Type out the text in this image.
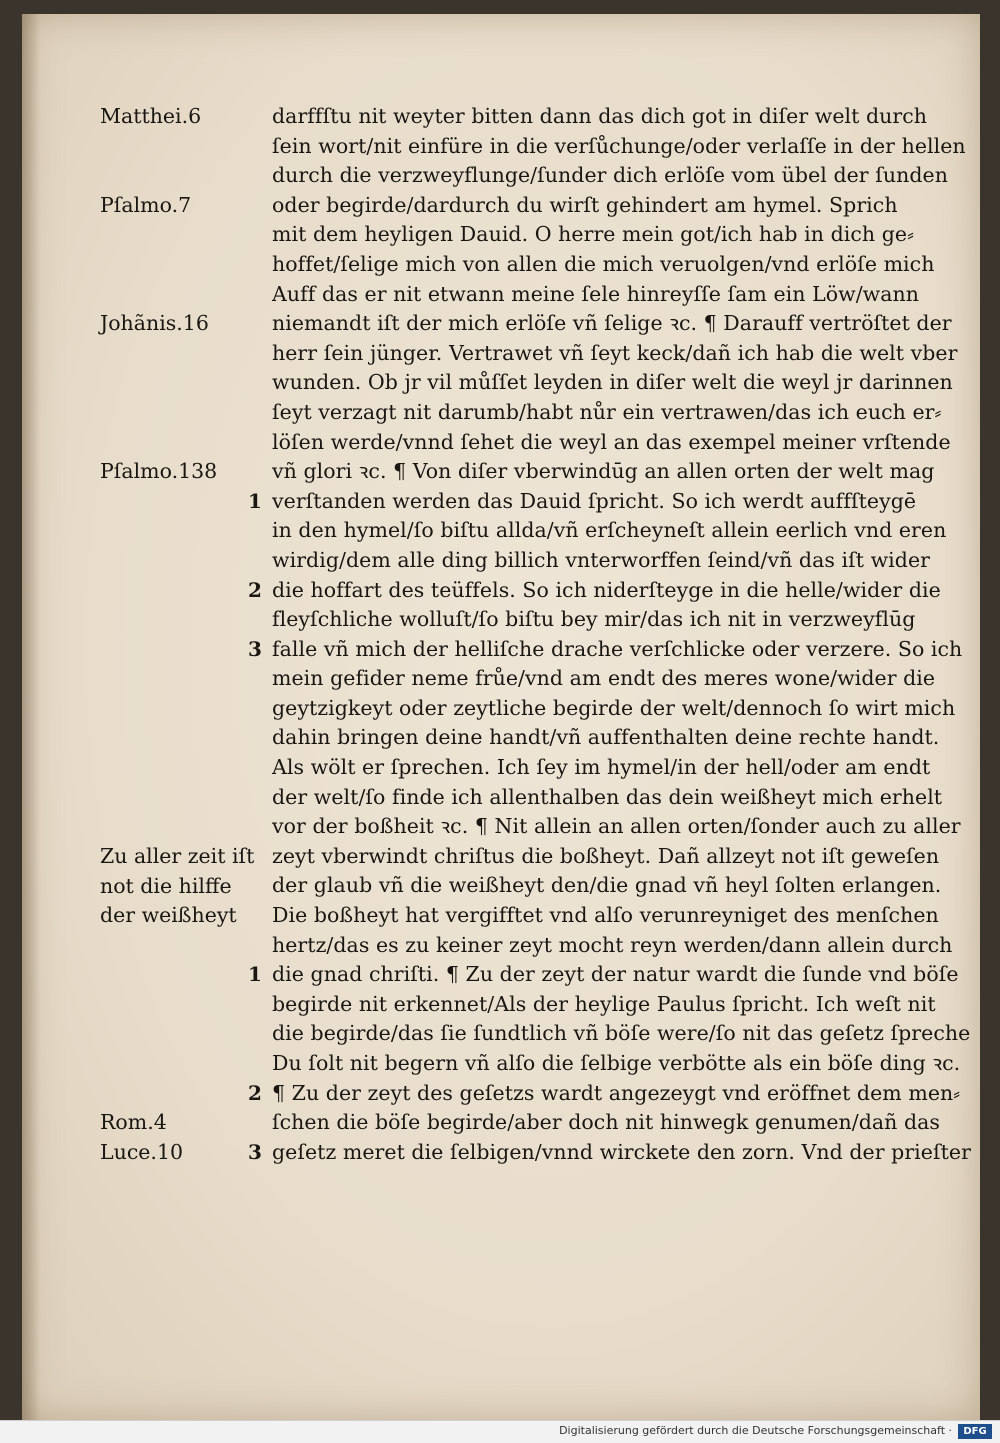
darffſtu nit weyter bitten dann das dich got in diſer welt durch
ſein wort/nit einfüre in die verſůchunge/oder verlaſſe in der hellen
durch die verzweyflunge/ſunder dich erlöſe vom übel der ſunden
oder begirde/dardurch du wirſt gehindert am hymel. Sprich
mit dem heyligen Dauid. O herre mein got/ich hab in dich ge⸗
hoffet/ſelige mich von allen die mich veruolgen/vnd erlöſe mich
Auff das er nit etwann meine ſele hinreyſſe ſam ein Löw/wann
niemandt iſt der mich erlöſe vñ ſelige ꝛc. ¶ Darauff vertröſtet der
herr ſein jünger. Vertrawet vñ ſeyt keck/dañ ich hab die welt vber
wunden. Ob jr vil můſſet leyden in diſer welt die weyl jr darinnen
ſeyt verzagt nit darumb/habt nůr ein vertrawen/das ich euch er⸗
löſen werde/vnnd ſehet die weyl an das exempel meiner vrſtende
vñ glori ꝛc. ¶ Von diſer vberwindūg an allen orten der welt mag
verſtanden werden das Dauid ſpricht. So ich werdt auffſteygē
in den hymel/ſo biſtu allda/vñ erſcheyneſt allein eerlich vnd eren
wirdig/dem alle ding billich vnterworffen ſeind/vñ das iſt wider
die hoffart des teüffels. So ich niderſteyge in die helle/wider die
fleyſchliche wolluſt/ſo biſtu bey mir/das ich nit in verzweyflūg
falle vñ mich der helliſche drache verſchlicke oder verzere. So ich
mein gefider neme frůe/vnd am endt des meres wone/wider die
geytzigkeyt oder zeytliche begirde der welt/dennoch ſo wirt mich
dahin bringen deine handt/vñ auffenthalten deine rechte handt.
Als wölt er ſprechen. Ich ſey im hymel/in der hell/oder am endt
der welt/ſo finde ich allenthalben das dein weißheyt mich erhelt
vor der boßheit ꝛc. ¶ Nit allein an allen orten/ſonder auch zu aller
zeyt vberwindt chriſtus die boßheyt. Dañ allzeyt not iſt geweſen
der glaub vñ die weißheyt den/die gnad vñ heyl ſolten erlangen.
Die boßheyt hat vergifftet vnd alſo verunreyniget des menſchen
hertz/das es zu keiner zeyt mocht reyn werden/dann allein durch
die gnad chriſti. ¶ Zu der zeyt der natur wardt die ſunde vnd böſe
begirde nit erkennet/Als der heylige Paulus ſpricht. Ich weſt nit
die begirde/das ſie ſundtlich vñ böſe were/ſo nit das geſetz ſpreche
Du ſolt nit begern vñ alſo die ſelbige verbötte als ein böſe ding ꝛc.
¶ Zu der zeyt des geſetzs wardt angezeygt vnd eröffnet dem men⸗
ſchen die böſe begirde/aber doch nit hinwegk genumen/dañ das
geſetz meret die ſelbigen/vnnd wirckete den zorn. Vnd der prieſter
Matthei.6
Pſalmo.7
Johãnis.16
Pſalmo.138
Zu aller zeit iſt
not die hilffe
der weißheyt
Rom.4
Luce.10
1
2
3
1
2
3
Digitalisierung gefördert durch die Deutsche Forschungsgemeinschaft ·	DFG
